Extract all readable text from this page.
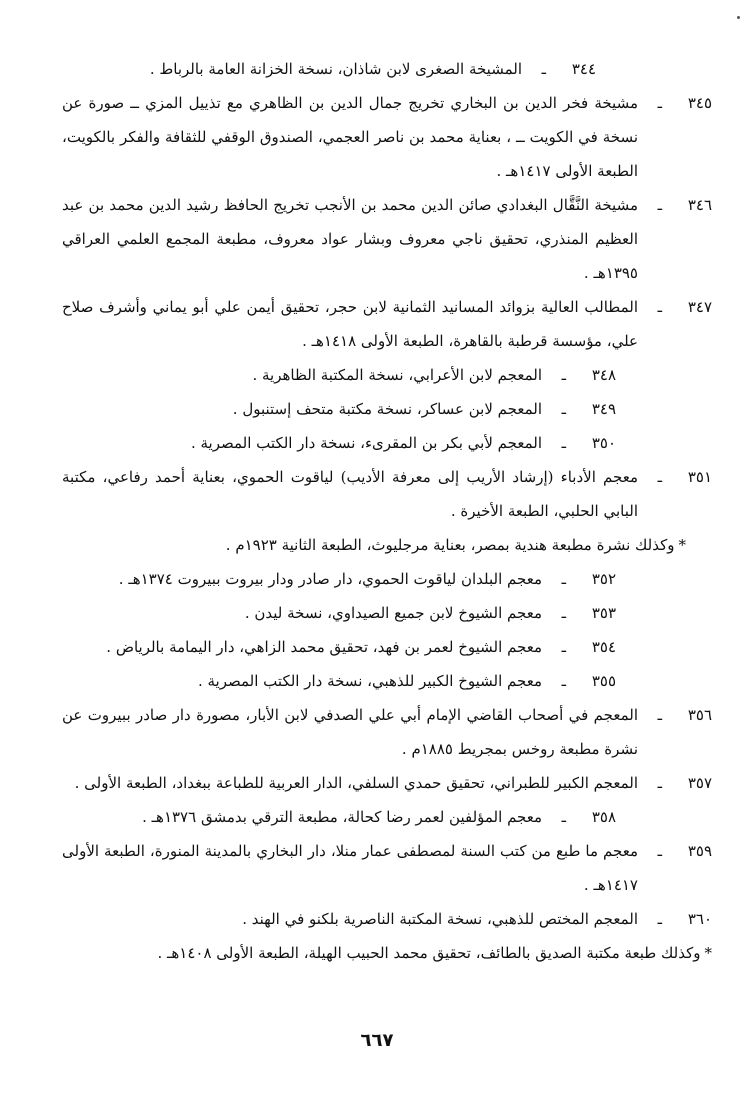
٣٤٤
ـ
المشيخة الصغرى لابن شاذان، نسخة الخزانة العامة بالرباط .

٣٤٥
ـ
مشيخة فخر الدين بن البخاري تخريج جمال الدين بن الظاهري مع تذييل المزي ــ صورة عن نسخة في الكويت ــ ، بعناية محمد بن ناصر العجمي، الصندوق الوقفي للثقافة والفكر بالكويت، الطبعة الأولى ١٤١٧هـ .

٣٤٦
ـ
مشيخة النَّقَّال البغدادي صائن الدين محمد بن الأنجب تخريج الحافظ رشيد الدين محمد بن عبد العظيم المنذري، تحقيق ناجي معروف وبشار عواد معروف، مطبعة المجمع العلمي العراقي ١٣٩٥هـ .

٣٤٧
ـ
المطالب العالية بزوائد المسانيد الثمانية لابن حجر، تحقيق أيمن علي أبو يماني وأشرف صلاح علي، مؤسسة قرطبة بالقاهرة، الطبعة الأولى ١٤١٨هـ .

٣٤٨
ـ
المعجم لابن الأعرابي، نسخة المكتبة الظاهرية .

٣٤٩
ـ
المعجم لابن عساكر، نسخة مكتبة متحف إستنبول .

٣٥٠
ـ
المعجم لأبي بكر بن المقرىء، نسخة دار الكتب المصرية .

٣٥١
ـ
معجم الأدباء (إرشاد الأريب إلى معرفة الأديب) لياقوت الحموي، بعناية أحمد رفاعي، مكتبة البابي الحلبي، الطبعة الأخيرة .

*وكذلك نشرة مطبعة هندية بمصر، بعناية مرجليوث، الطبعة الثانية ١٩٢٣م .

٣٥٢
ـ
معجم البلدان لياقوت الحموي، دار صادر ودار بيروت ببيروت ١٣٧٤هـ .

٣٥٣
ـ
معجم الشيوخ لابن جميع الصيداوي، نسخة ليدن .

٣٥٤
ـ
معجم الشيوخ لعمر بن فهد، تحقيق محمد الزاهي، دار اليمامة بالرياض .

٣٥٥
ـ
معجم الشيوخ الكبير للذهبي، نسخة دار الكتب المصرية .

٣٥٦
ـ
المعجم في أصحاب القاضي الإمام أبي علي الصدفي لابن الأبار، مصورة دار صادر ببيروت عن نشرة مطبعة روخس بمجريط ١٨٨٥م .

٣٥٧
ـ
المعجم الكبير للطبراني، تحقيق حمدي السلفي، الدار العربية للطباعة ببغداد، الطبعة الأولى .

٣٥٨
ـ
معجم المؤلفين لعمر رضا كحالة، مطبعة الترقي بدمشق ١٣٧٦هـ .

٣٥٩
ـ
معجم ما طبع من كتب السنة لمصطفى عمار منلا، دار البخاري بالمدينة المنورة، الطبعة الأولى ١٤١٧هـ .

٣٦٠
ـ
المعجم المختص للذهبي، نسخة المكتبة الناصرية بلكنو في الهند .

*وكذلك طبعة مكتبة الصديق بالطائف، تحقيق محمد الحبيب الهيلة، الطبعة الأولى ١٤٠٨هـ .

٦٦٧
